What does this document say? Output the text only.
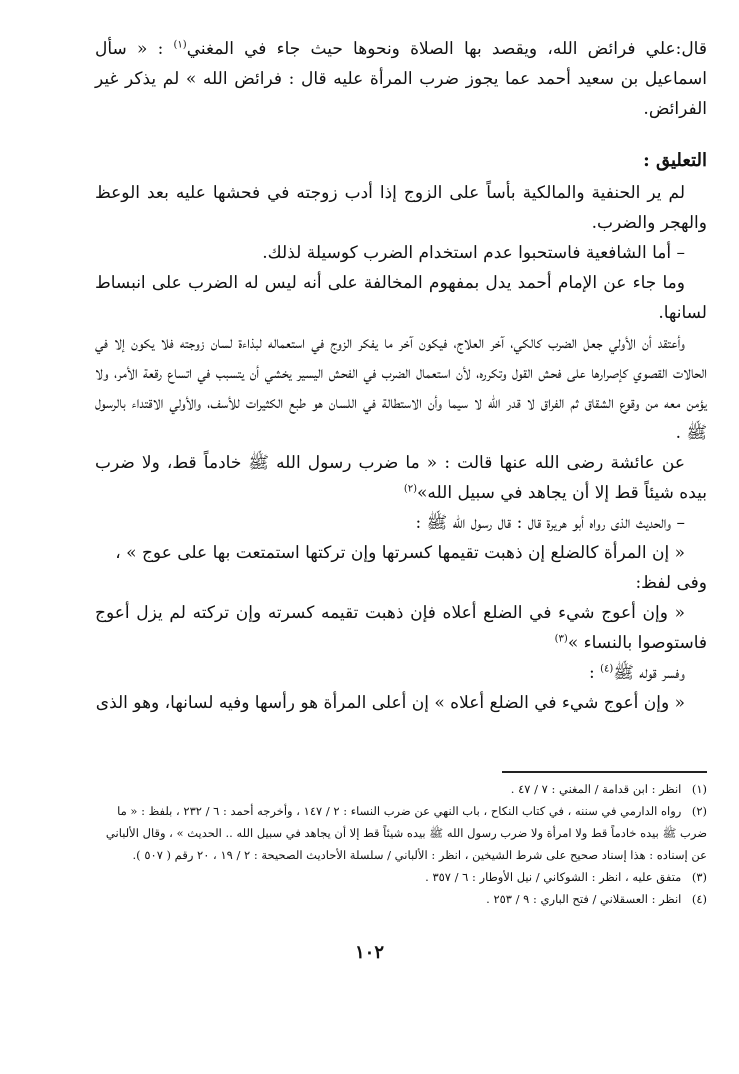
قال:علي فرائض الله، ويقصد بها الصلاة ونحوها حيث جاء في المغني$^{(١)}$ : « سأل اسماعيل بن سعيد أحمد عما يجوز ضرب المرأة عليه قال : فرائض الله » لم يذكر غير الفرائض.

التعليق :

لم ير الحنفية والمالكية بأساً على الزوج إذا أدب زوجته في فحشها عليه بعد الوعظ والهجر والضرب.

– أما الشافعية فاستحبوا عدم استخدام الضرب كوسيلة لذلك.

وما جاء عن الإمام أحمد يدل بمفهوم المخالفة على أنه ليس له الضرب على انبساط لسانها.

وأعتقد أن الأولي جعل الضرب كالكي، آخر العلاج، فيكون آخر ما يفكر الزوج في استعماله لبذاءة لسان زوجته فلا يكون إلا في الحالات القصوي كإصرارها على فحش القول وتكرره، لأن استعمال الضرب في الفحش اليسير يخشي أن يتسبب في اتساع رقعة الأمر، ولا يؤمن معه من وقوع الشقاق ثم الفراق لا قدر الله لا سيما وأن الاستطالة في اللسان هو طبع الكثيرات للأسف، والأولي الاقتداء بالرسول ﷺ .

عن عائشة رضى الله عنها قالت : « ما ضرب رسول الله ﷺ خادماً قط، ولا ضرب بيده شيئاً قط إلا أن يجاهد في سبيل الله»$^{(٢)}$

– والحديث الذى رواه أبو هريرة قال : قال رسول الله ﷺ :

« إن المرأة كالضلع إن ذهبت تقيمها كسرتها وإن تركتها استمتعت بها على عوج » ،

وفى لفظ:

« وإن أعوج شيء في الضلع أعلاه فإن ذهبت تقيمه كسرته وإن تركته لم يزل أعوج فاستوصوا بالنساء »$^{(٣)}$

وفسر قوله ﷺ$^{(٤)}$ :

« وإن أعوج شيء في الضلع أعلاه » إن أعلى المرأة هو رأسها وفيه لسانها، وهو الذى

(١) انظر : ابن قدامة / المغني : ٧ / ٤٧ .

(٢) رواه الدارمي في سننه ، في كتاب النكاح ، باب النهي عن ضرب النساء : ٢ / ١٤٧ ، وأخرجه أحمد : ٦ / ٢٣٢ ، بلفظ : « ما ضرب ﷺ بيده خادماً قط ولا امرأة ولا ضرب رسول الله ﷺ بيده شيئاً قط إلا أن يجاهد في سبيل الله .. الحديث » ، وقال الألباني عن إسناده : هذا إسناد صحيح على شرط الشيخين ، انظر : الألباني / سلسلة الأحاديث الصحيحة : ٢ / ١٩ ، ٢٠ رقم ( ٥٠٧ ).

(٣) متفق عليه ، انظر : الشوكاني / نيل الأوطار : ٦ / ٣٥٧ .

(٤) انظر : العسقلاني / فتح الباري : ٩ / ٢٥٣ .

١٠٢
